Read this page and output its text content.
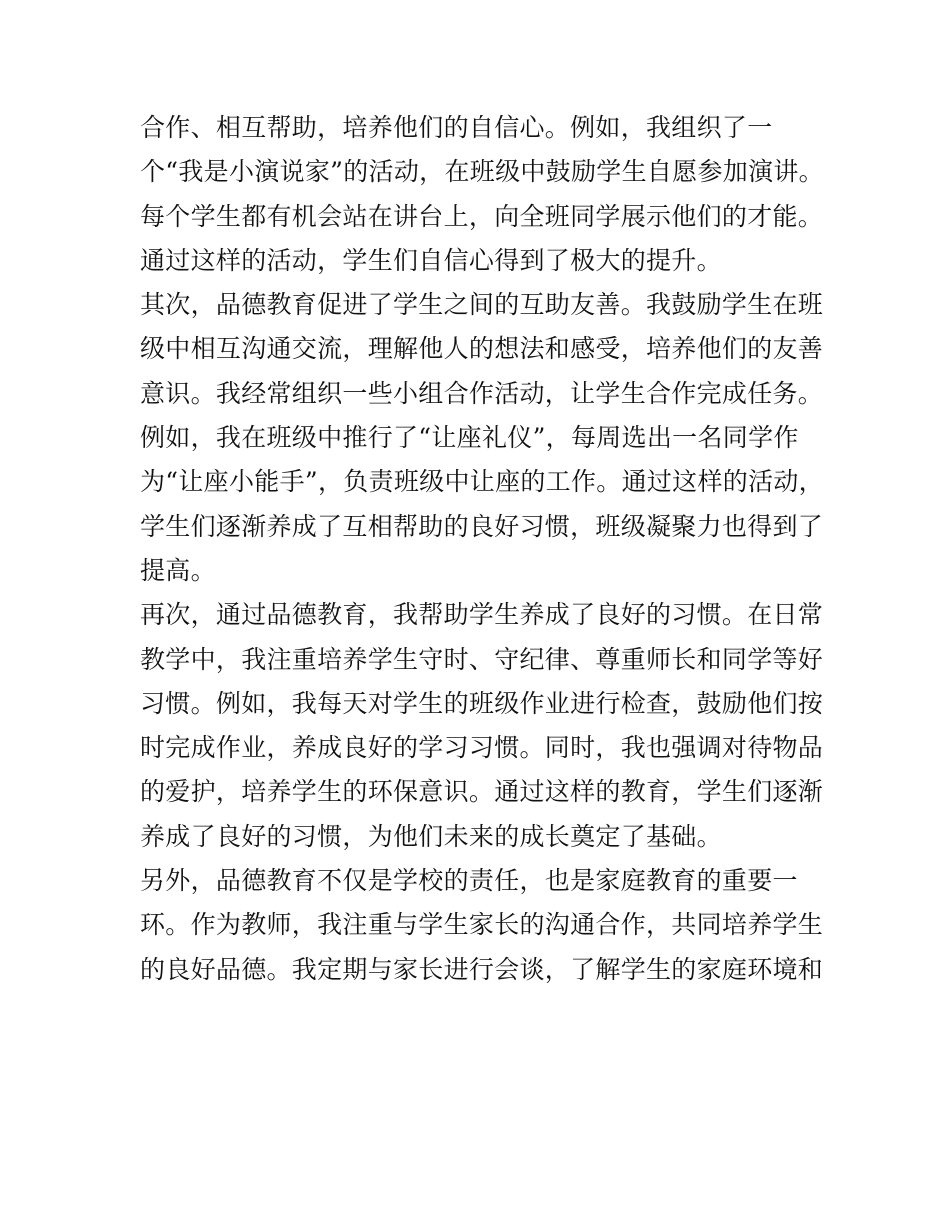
合作、相互帮助，培养他们的自信心。例如，我组织了一
个“我是小演说家”的活动，在班级中鼓励学生自愿参加演讲。
每个学生都有机会站在讲台上，向全班同学展示他们的才能。
通过这样的活动，学生们自信心得到了极大的提升。
其次，品德教育促进了学生之间的互助友善。我鼓励学生在班
级中相互沟通交流，理解他人的想法和感受，培养他们的友善
意识。我经常组织一些小组合作活动，让学生合作完成任务。
例如，我在班级中推行了“让座礼仪”，每周选出一名同学作
为“让座小能手”，负责班级中让座的工作。通过这样的活动，
学生们逐渐养成了互相帮助的良好习惯，班级凝聚力也得到了
提高。
再次，通过品德教育，我帮助学生养成了良好的习惯。在日常
教学中，我注重培养学生守时、守纪律、尊重师长和同学等好
习惯。例如，我每天对学生的班级作业进行检查，鼓励他们按
时完成作业，养成良好的学习习惯。同时，我也强调对待物品
的爱护，培养学生的环保意识。通过这样的教育，学生们逐渐
养成了良好的习惯，为他们未来的成长奠定了基础。
另外，品德教育不仅是学校的责任，也是家庭教育的重要一
环。作为教师，我注重与学生家长的沟通合作，共同培养学生
的良好品德。我定期与家长进行会谈，了解学生的家庭环境和
